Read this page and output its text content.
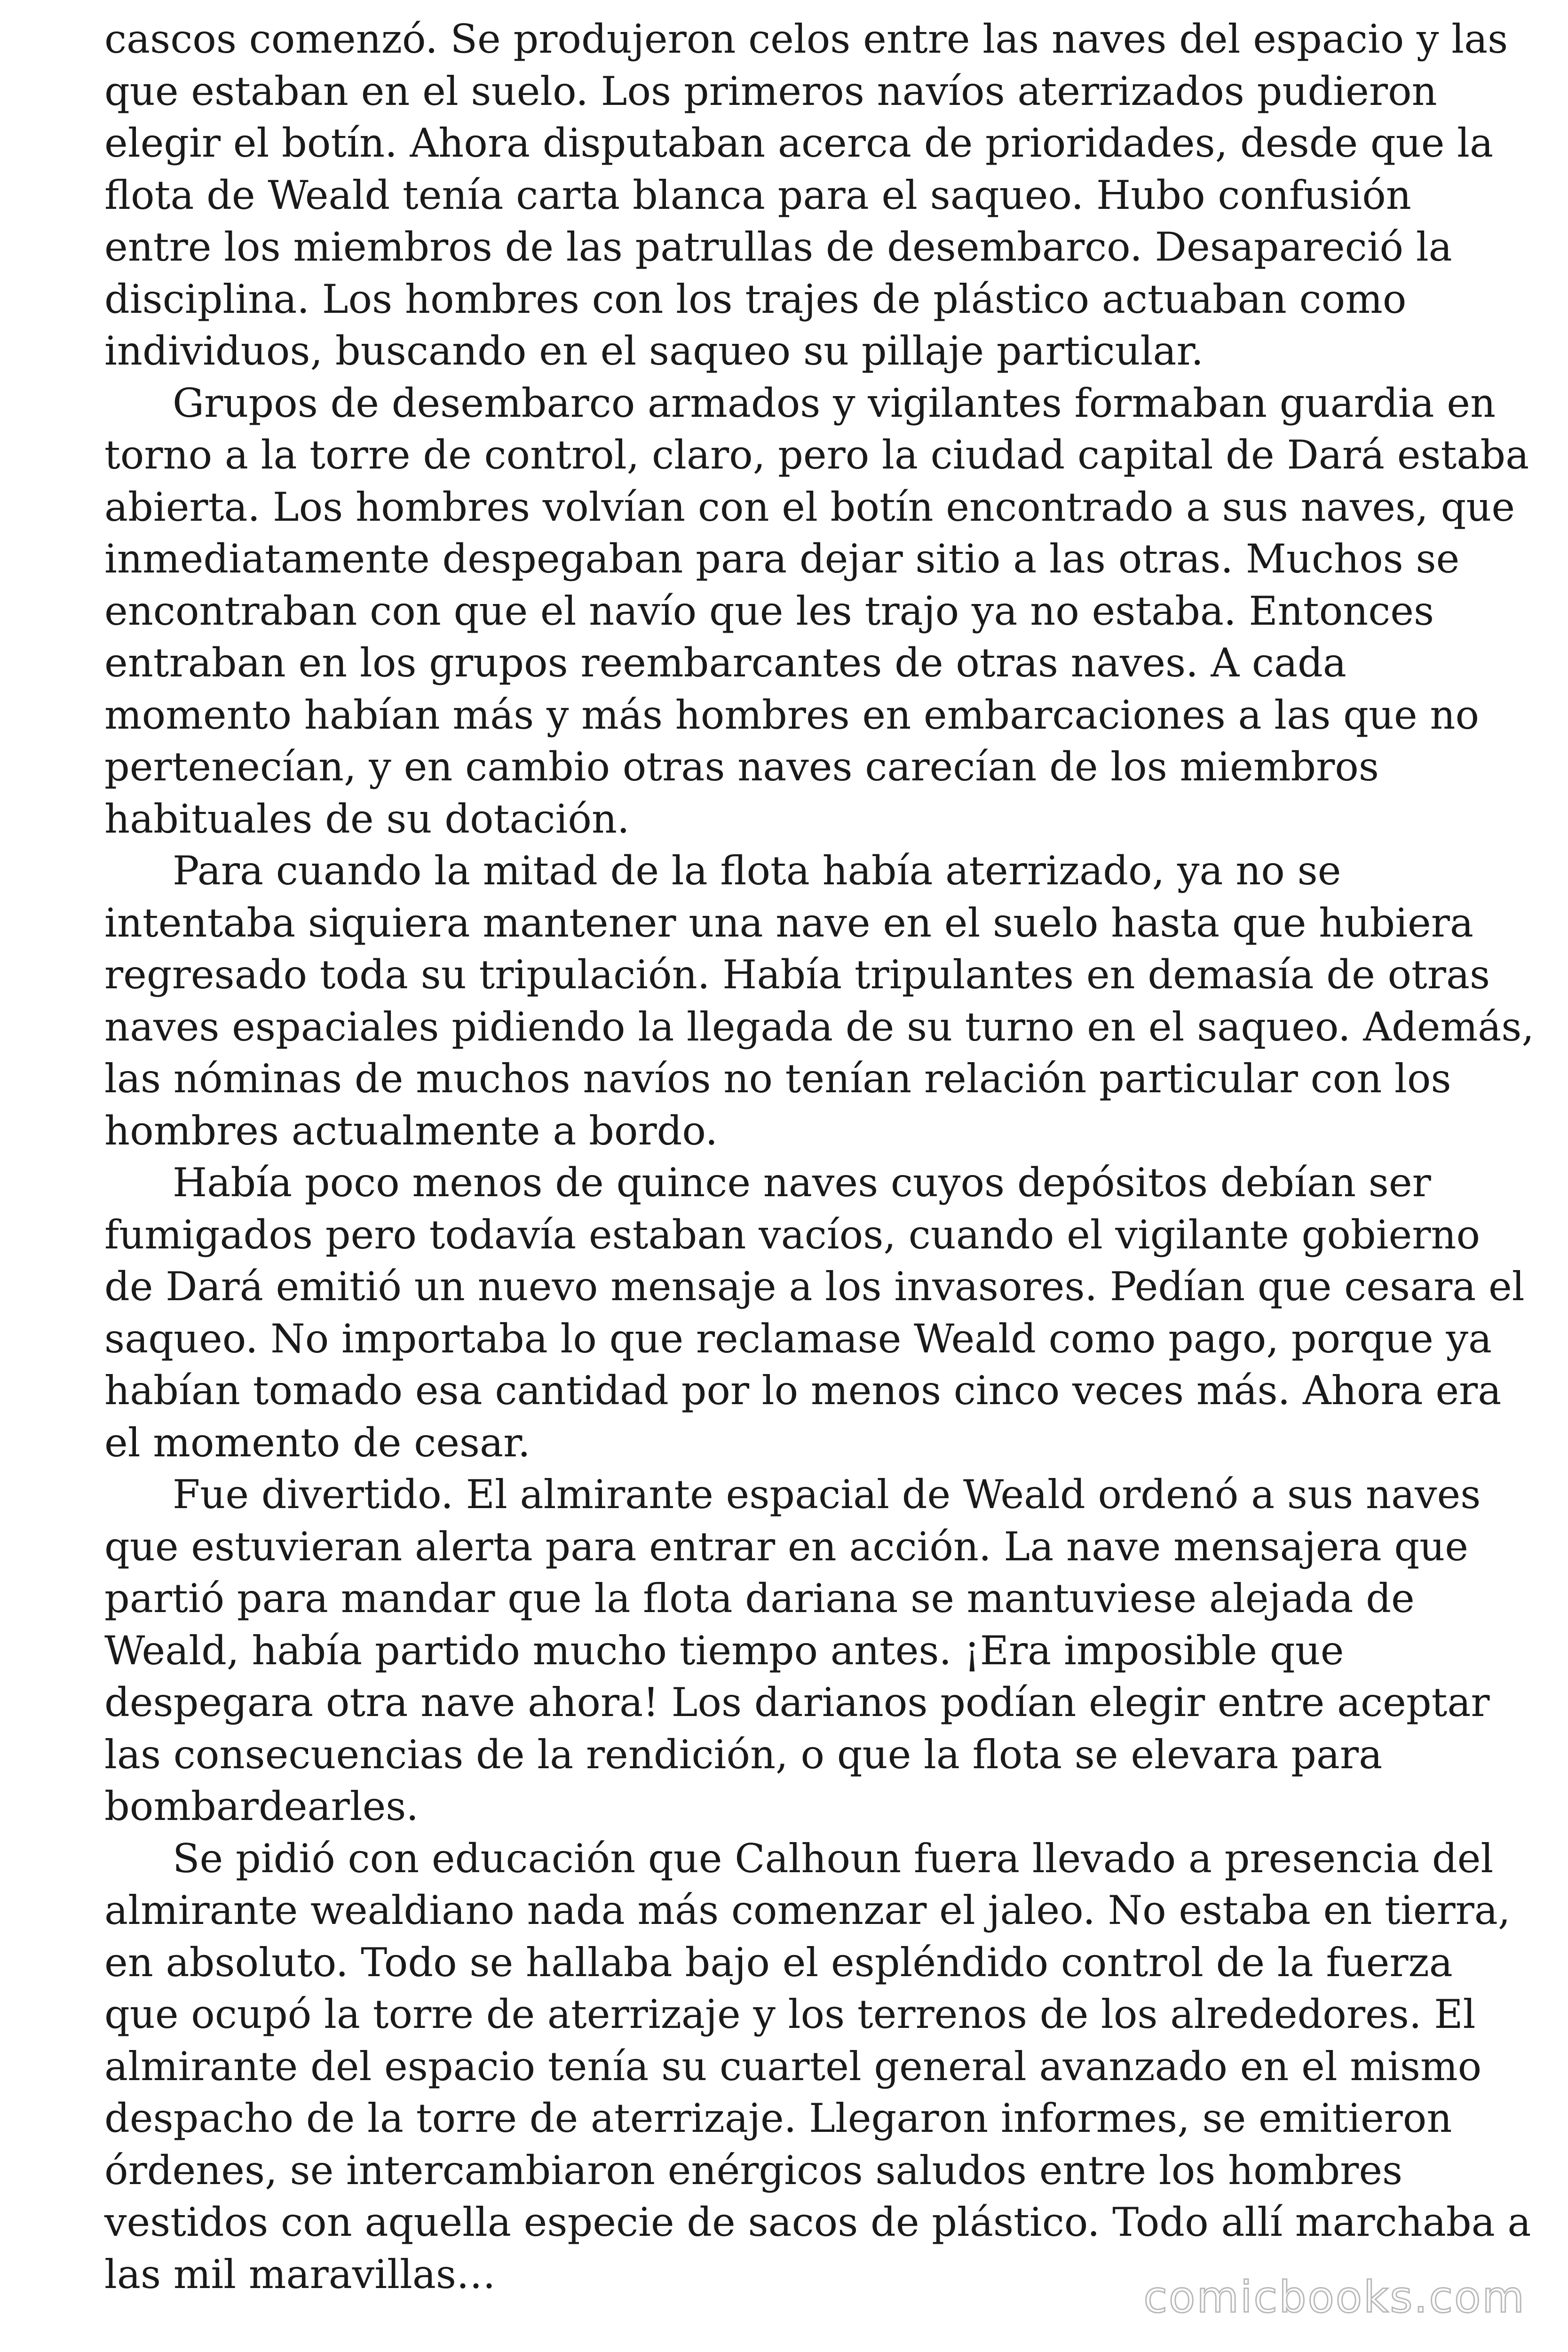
cascos comenzó. Se produjeron celos entre las naves del espacio y las
que estaban en el suelo. Los primeros navíos aterrizados pudieron
elegir el botín. Ahora disputaban acerca de prioridades, desde que la
flota de Weald tenía carta blanca para el saqueo. Hubo confusión
entre los miembros de las patrullas de desembarco. Desapareció la
disciplina. Los hombres con los trajes de plástico actuaban como
individuos, buscando en el saqueo su pillaje particular.

Grupos de desembarco armados y vigilantes formaban guardia en
torno a la torre de control, claro, pero la ciudad capital de Dará estaba
abierta. Los hombres volvían con el botín encontrado a sus naves, que
inmediatamente despegaban para dejar sitio a las otras. Muchos se
encontraban con que el navío que les trajo ya no estaba. Entonces
entraban en los grupos reembarcantes de otras naves. A cada
momento habían más y más hombres en embarcaciones a las que no
pertenecían, y en cambio otras naves carecían de los miembros
habituales de su dotación.

Para cuando la mitad de la flota había aterrizado, ya no se
intentaba siquiera mantener una nave en el suelo hasta que hubiera
regresado toda su tripulación. Había tripulantes en demasía de otras
naves espaciales pidiendo la llegada de su turno en el saqueo. Además,
las nóminas de muchos navíos no tenían relación particular con los
hombres actualmente a bordo.

Había poco menos de quince naves cuyos depósitos debían ser
fumigados pero todavía estaban vacíos, cuando el vigilante gobierno
de Dará emitió un nuevo mensaje a los invasores. Pedían que cesara el
saqueo. No importaba lo que reclamase Weald como pago, porque ya
habían tomado esa cantidad por lo menos cinco veces más. Ahora era
el momento de cesar.

Fue divertido. El almirante espacial de Weald ordenó a sus naves
que estuvieran alerta para entrar en acción. La nave mensajera que
partió para mandar que la flota dariana se mantuviese alejada de
Weald, había partido mucho tiempo antes. ¡Era imposible que
despegara otra nave ahora! Los darianos podían elegir entre aceptar
las consecuencias de la rendición, o que la flota se elevara para
bombardearles.

Se pidió con educación que Calhoun fuera llevado a presencia del
almirante wealdiano nada más comenzar el jaleo. No estaba en tierra,
en absoluto. Todo se hallaba bajo el espléndido control de la fuerza
que ocupó la torre de aterrizaje y los terrenos de los alrededores. El
almirante del espacio tenía su cuartel general avanzado en el mismo
despacho de la torre de aterrizaje. Llegaron informes, se emitieron
órdenes, se intercambiaron enérgicos saludos entre los hombres
vestidos con aquella especie de sacos de plástico. Todo allí marchaba a
las mil maravillas…	comicbooks.com
